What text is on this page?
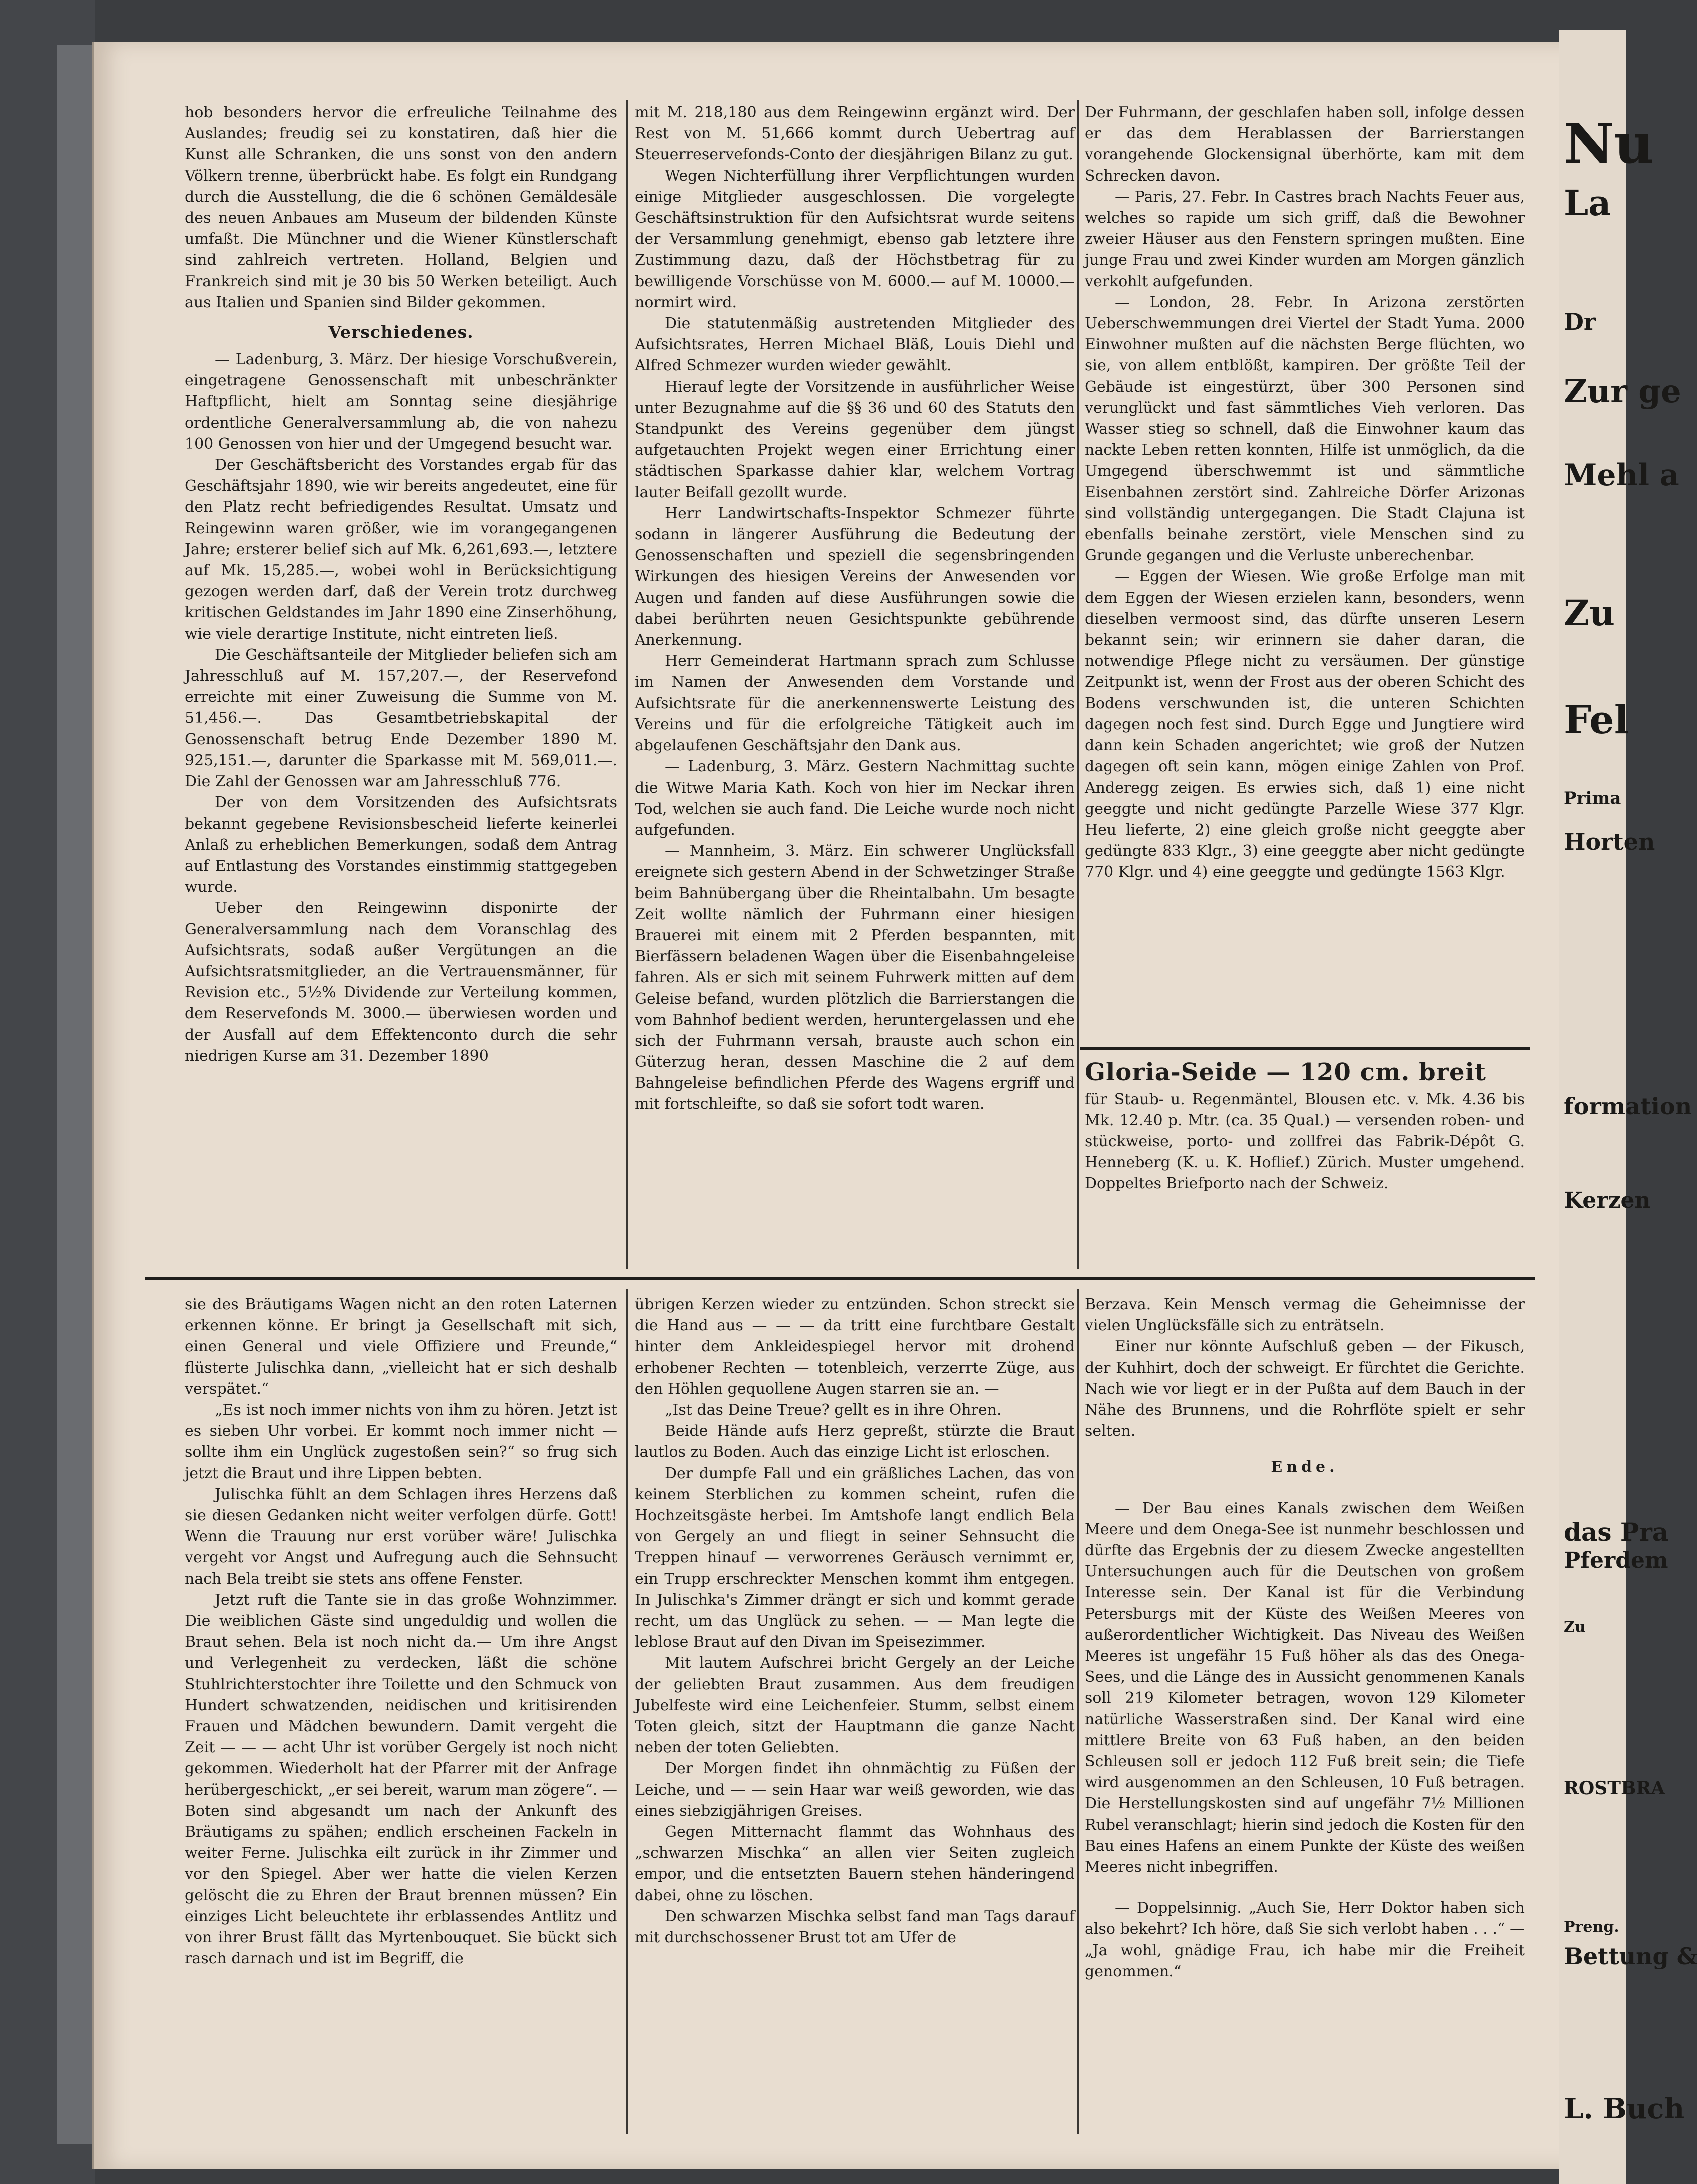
hob besonders hervor die erfreuliche Teilnahme des Auslandes; freudig sei zu konstatiren, daß hier die Kunst alle Schranken, die uns sonst von den andern Völkern trenne, überbrückt habe. Es folgt ein Rundgang durch die Ausstellung, die die 6 schönen Gemäldesäle des neuen Anbaues am Museum der bildenden Künste umfaßt. Die Münchner und die Wiener Künstlerschaft sind zahlreich vertreten. Holland, Belgien und Frankreich sind mit je 30 bis 50 Werken beteiligt. Auch aus Italien und Spanien sind Bilder gekommen.

Verschiedenes.

— Ladenburg, 3. März. Der hiesige Vorschußverein, eingetragene Genossenschaft mit unbeschränkter Haftpflicht, hielt am Sonntag seine diesjährige ordentliche Generalversammlung ab, die von nahezu 100 Genossen von hier und der Umgegend besucht war.

Der Geschäftsbericht des Vorstandes ergab für das Geschäftsjahr 1890, wie wir bereits angedeutet, eine für den Platz recht befriedigendes Resultat. Umsatz und Reingewinn waren größer, wie im vorangegangenen Jahre; ersterer belief sich auf Mk. 6,261,693.—, letztere auf Mk. 15,285.—, wobei wohl in Berücksichtigung gezogen werden darf, daß der Verein trotz durchweg kritischen Geldstandes im Jahr 1890 eine Zinserhöhung, wie viele derartige Institute, nicht eintreten ließ.

Die Geschäftsanteile der Mitglieder beliefen sich am Jahresschluß auf M. 157,207.—, der Reservefond erreichte mit einer Zuweisung die Summe von M. 51,456.—. Das Gesamtbetriebskapital der Genossenschaft betrug Ende Dezember 1890 M. 925,151.—, darunter die Sparkasse mit M. 569,011.—. Die Zahl der Genossen war am Jahresschluß 776.

Der von dem Vorsitzenden des Aufsichtsrats bekannt gegebene Revisionsbescheid lieferte keinerlei Anlaß zu erheblichen Bemerkungen, sodaß dem Antrag auf Entlastung des Vorstandes einstimmig stattgegeben wurde.

Ueber den Reingewinn disponirte der Generalversammlung nach dem Voranschlag des Aufsichtsrats, sodaß außer Vergütungen an die Aufsichtsratsmitglieder, an die Vertrauensmänner, für Revision etc., 5½% Dividende zur Verteilung kommen, dem Reservefonds M. 3000.— überwiesen worden und der Ausfall auf dem Effektenconto durch die sehr niedrigen Kurse am 31. Dezember 1890

mit M. 218,180 aus dem Reingewinn ergänzt wird. Der Rest von M. 51,666 kommt durch Uebertrag auf Steuerreservefonds-Conto der diesjährigen Bilanz zu gut.

Wegen Nichterfüllung ihrer Verpflichtungen wurden einige Mitglieder ausgeschlossen. Die vorgelegte Geschäftsinstruktion für den Aufsichtsrat wurde seitens der Versammlung genehmigt, ebenso gab letztere ihre Zustimmung dazu, daß der Höchstbetrag für zu bewilligende Vorschüsse von M. 6000.— auf M. 10000.— normirt wird.

Die statutenmäßig austretenden Mitglieder des Aufsichtsrates, Herren Michael Bläß, Louis Diehl und Alfred Schmezer wurden wieder gewählt.

Hierauf legte der Vorsitzende in ausführlicher Weise unter Bezugnahme auf die §§ 36 und 60 des Statuts den Standpunkt des Vereins gegenüber dem jüngst aufgetauchten Projekt wegen einer Errichtung einer städtischen Sparkasse dahier klar, welchem Vortrag lauter Beifall gezollt wurde.

Herr Landwirtschafts-Inspektor Schmezer führte sodann in längerer Ausführung die Bedeutung der Genossenschaften und speziell die segensbringenden Wirkungen des hiesigen Vereins der Anwesenden vor Augen und fanden auf diese Ausführungen sowie die dabei berührten neuen Gesichtspunkte gebührende Anerkennung.

Herr Gemeinderat Hartmann sprach zum Schlusse im Namen der Anwesenden dem Vorstande und Aufsichtsrate für die anerkennenswerte Leistung des Vereins und für die erfolgreiche Tätigkeit auch im abgelaufenen Geschäftsjahr den Dank aus.

— Ladenburg, 3. März. Gestern Nachmittag suchte die Witwe Maria Kath. Koch von hier im Neckar ihren Tod, welchen sie auch fand. Die Leiche wurde noch nicht aufgefunden.

— Mannheim, 3. März. Ein schwerer Unglücksfall ereignete sich gestern Abend in der Schwetzinger Straße beim Bahnübergang über die Rheintalbahn. Um besagte Zeit wollte nämlich der Fuhrmann einer hiesigen Brauerei mit einem mit 2 Pferden bespannten, mit Bierfässern beladenen Wagen über die Eisenbahngeleise fahren. Als er sich mit seinem Fuhrwerk mitten auf dem Geleise befand, wurden plötzlich die Barrierstangen die vom Bahnhof bedient werden, heruntergelassen und ehe sich der Fuhrmann versah, brauste auch schon ein Güterzug heran, dessen Maschine die 2 auf dem Bahngeleise befindlichen Pferde des Wagens ergriff und mit fortschleifte, so daß sie sofort todt waren.

Der Fuhrmann, der geschlafen haben soll, infolge dessen er das dem Herablassen der Barrierstangen vorangehende Glockensignal überhörte, kam mit dem Schrecken davon.

— Paris, 27. Febr. In Castres brach Nachts Feuer aus, welches so rapide um sich griff, daß die Bewohner zweier Häuser aus den Fenstern springen mußten. Eine junge Frau und zwei Kinder wurden am Morgen gänzlich verkohlt aufgefunden.

— London, 28. Febr. In Arizona zerstörten Ueberschwemmungen drei Viertel der Stadt Yuma. 2000 Einwohner mußten auf die nächsten Berge flüchten, wo sie, von allem entblößt, kampiren. Der größte Teil der Gebäude ist eingestürzt, über 300 Personen sind verunglückt und fast sämmtliches Vieh verloren. Das Wasser stieg so schnell, daß die Einwohner kaum das nackte Leben retten konnten, Hilfe ist unmöglich, da die Umgegend überschwemmt ist und sämmtliche Eisenbahnen zerstört sind. Zahlreiche Dörfer Arizonas sind vollständig untergegangen. Die Stadt Clajuna ist ebenfalls beinahe zerstört, viele Menschen sind zu Grunde gegangen und die Verluste unberechenbar.

— Eggen der Wiesen. Wie große Erfolge man mit dem Eggen der Wiesen erzielen kann, besonders, wenn dieselben vermoost sind, das dürfte unseren Lesern bekannt sein; wir erinnern sie daher daran, die notwendige Pflege nicht zu versäumen. Der günstige Zeitpunkt ist, wenn der Frost aus der oberen Schicht des Bodens verschwunden ist, die unteren Schichten dagegen noch fest sind. Durch Egge und Jungtiere wird dann kein Schaden angerichtet; wie groß der Nutzen dagegen oft sein kann, mögen einige Zahlen von Prof. Anderegg zeigen. Es erwies sich, daß 1) eine nicht geeggte und nicht gedüngte Parzelle Wiese 377 Klgr. Heu lieferte, 2) eine gleich große nicht geeggte aber gedüngte 833 Klgr., 3) eine geeggte aber nicht gedüngte 770 Klgr. und 4) eine geeggte und gedüngte 1563 Klgr.

Gloria-Seide — 120 cm. breit
für Staub- u. Regenmäntel, Blousen etc. v. Mk. 4.36 bis Mk. 12.40 p. Mtr. (ca. 35 Qual.) — versenden roben- und stückweise, porto- und zollfrei das Fabrik-Dépôt G. Henneberg (K. u. K. Hoflief.) Zürich. Muster umgehend. Doppeltes Briefporto nach der Schweiz.

sie des Bräutigams Wagen nicht an den roten Laternen erkennen könne. Er bringt ja Gesellschaft mit sich, einen General und viele Offiziere und Freunde,“ flüsterte Julischka dann, „vielleicht hat er sich deshalb verspätet.“

„Es ist noch immer nichts von ihm zu hören. Jetzt ist es sieben Uhr vorbei. Er kommt noch immer nicht — sollte ihm ein Unglück zugestoßen sein?“ so frug sich jetzt die Braut und ihre Lippen bebten.

Julischka fühlt an dem Schlagen ihres Herzens daß sie diesen Gedanken nicht weiter verfolgen dürfe. Gott! Wenn die Trauung nur erst vorüber wäre! Julischka vergeht vor Angst und Aufregung auch die Sehnsucht nach Bela treibt sie stets ans offene Fenster.

Jetzt ruft die Tante sie in das große Wohnzimmer. Die weiblichen Gäste sind ungeduldig und wollen die Braut sehen. Bela ist noch nicht da.— Um ihre Angst und Verlegenheit zu verdecken, läßt die schöne Stuhlrichterstochter ihre Toilette und den Schmuck von Hundert schwatzenden, neidischen und kritisirenden Frauen und Mädchen bewundern. Damit vergeht die Zeit — — — acht Uhr ist vorüber Gergely ist noch nicht gekommen. Wiederholt hat der Pfarrer mit der Anfrage herübergeschickt, „er sei bereit, warum man zögere“. — Boten sind abgesandt um nach der Ankunft des Bräutigams zu spähen; endlich erscheinen Fackeln in weiter Ferne. Julischka eilt zurück in ihr Zimmer und vor den Spiegel. Aber wer hatte die vielen Kerzen gelöscht die zu Ehren der Braut brennen müssen? Ein einziges Licht beleuchtete ihr erblassendes Antlitz und von ihrer Brust fällt das Myrtenbouquet. Sie bückt sich rasch darnach und ist im Begriff, die

übrigen Kerzen wieder zu entzünden. Schon streckt sie die Hand aus — — — da tritt eine furchtbare Gestalt hinter dem Ankleidespiegel hervor mit drohend erhobener Rechten — totenbleich, verzerrte Züge, aus den Höhlen gequollene Augen starren sie an. —

„Ist das Deine Treue? gellt es in ihre Ohren.

Beide Hände aufs Herz gepreßt, stürzte die Braut lautlos zu Boden. Auch das einzige Licht ist erloschen.

Der dumpfe Fall und ein gräßliches Lachen, das von keinem Sterblichen zu kommen scheint, rufen die Hochzeitsgäste herbei. Im Amtshofe langt endlich Bela von Gergely an und fliegt in seiner Sehnsucht die Treppen hinauf — verworrenes Geräusch vernimmt er, ein Trupp erschreckter Menschen kommt ihm entgegen. In Julischka's Zimmer drängt er sich und kommt gerade recht, um das Unglück zu sehen. — — Man legte die leblose Braut auf den Divan im Speisezimmer.

Mit lautem Aufschrei bricht Gergely an der Leiche der geliebten Braut zusammen. Aus dem freudigen Jubelfeste wird eine Leichenfeier. Stumm, selbst einem Toten gleich, sitzt der Hauptmann die ganze Nacht neben der toten Geliebten.

Der Morgen findet ihn ohnmächtig zu Füßen der Leiche, und — — sein Haar war weiß geworden, wie das eines siebzigjährigen Greises.

Gegen Mitternacht flammt das Wohnhaus des „schwarzen Mischka“ an allen vier Seiten zugleich empor, und die entsetzten Bauern stehen händeringend dabei, ohne zu löschen.

Den schwarzen Mischka selbst fand man Tags darauf mit durchschossener Brust tot am Ufer de

Berzava. Kein Mensch vermag die Geheimnisse der vielen Unglücksfälle sich zu enträtseln.

Einer nur könnte Aufschluß geben — der Fikusch, der Kuhhirt, doch der schweigt. Er fürchtet die Gerichte. Nach wie vor liegt er in der Pußta auf dem Bauch in der Nähe des Brunnens, und die Rohrflöte spielt er sehr selten.

Ende.

— Der Bau eines Kanals zwischen dem Weißen Meere und dem Onega-See ist nunmehr beschlossen und dürfte das Ergebnis der zu diesem Zwecke angestellten Untersuchungen auch für die Deutschen von großem Interesse sein. Der Kanal ist für die Verbindung Petersburgs mit der Küste des Weißen Meeres von außerordentlicher Wichtigkeit. Das Niveau des Weißen Meeres ist ungefähr 15 Fuß höher als das des Onega-Sees, und die Länge des in Aussicht genommenen Kanals soll 219 Kilometer betragen, wovon 129 Kilometer natürliche Wasserstraßen sind. Der Kanal wird eine mittlere Breite von 63 Fuß haben, an den beiden Schleusen soll er jedoch 112 Fuß breit sein; die Tiefe wird ausgenommen an den Schleusen, 10 Fuß betragen. Die Herstellungskosten sind auf ungefähr 7½ Millionen Rubel veranschlagt; hierin sind jedoch die Kosten für den Bau eines Hafens an einem Punkte der Küste des weißen Meeres nicht inbegriffen.

— Doppelsinnig. „Auch Sie, Herr Doktor haben sich also bekehrt? Ich höre, daß Sie sich verlobt haben . . .“ — „Ja wohl, gnädige Frau, ich habe mir die Freiheit genommen.“

Nu
La
Dr
Zur ge
Mehl a
Zu
Fel
Prima
Horten
formation
Kerzen
das Pra
Pferdem
Zu
ROSTBRA
Preng.
Bettung &
L. Buch
